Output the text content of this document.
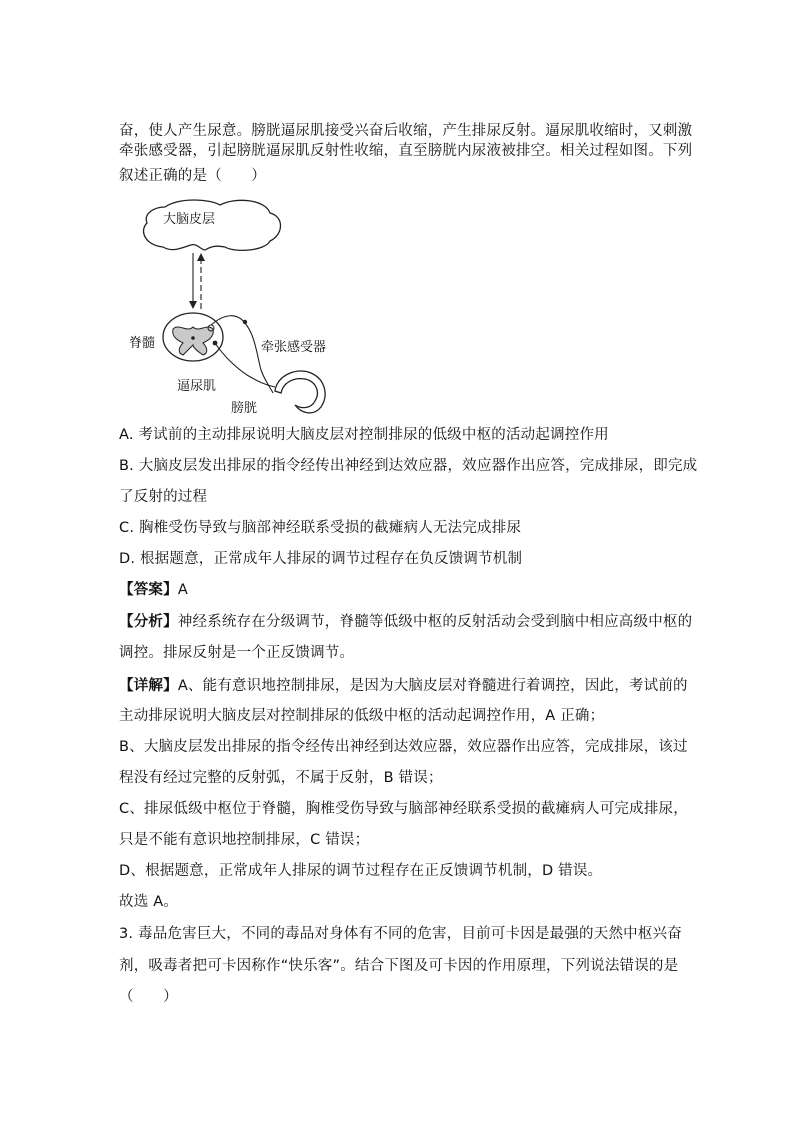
奋，使人产生尿意。膀胱逼尿肌接受兴奋后收缩，产生排尿反射。逼尿肌收缩时，又刺激
牵张感受器，引起膀胱逼尿肌反射性收缩，直至膀胱内尿液被排空。相关过程如图。下列
叙述正确的是（　　）
大脑皮层
脊髓	牵张感受器
逼尿肌
膀胱
A. 考试前的主动排尿说明大脑皮层对控制排尿的低级中枢的活动起调控作用
B. 大脑皮层发出排尿的指令经传出神经到达效应器，效应器作出应答，完成排尿，即完成
了反射的过程
C. 胸椎受伤导致与脑部神经联系受损的截瘫病人无法完成排尿
D. 根据题意，正常成年人排尿的调节过程存在负反馈调节机制
【答案】A
【分析】神经系统存在分级调节，脊髓等低级中枢的反射活动会受到脑中相应高级中枢的
调控。排尿反射是一个正反馈调节。
【详解】A、能有意识地控制排尿，是因为大脑皮层对脊髓进行着调控，因此，考试前的
主动排尿说明大脑皮层对控制排尿的低级中枢的活动起调控作用，A 正确；
B、大脑皮层发出排尿的指令经传出神经到达效应器，效应器作出应答，完成排尿，该过
程没有经过完整的反射弧，不属于反射，B 错误；
C、排尿低级中枢位于脊髓，胸椎受伤导致与脑部神经联系受损的截瘫病人可完成排尿，
只是不能有意识地控制排尿，C 错误；
D、根据题意，正常成年人排尿的调节过程存在正反馈调节机制，D 错误。
故选 A。
3. 毒品危害巨大，不同的毒品对身体有不同的危害，目前可卡因是最强的天然中枢兴奋
剂，吸毒者把可卡因称作“快乐客”。结合下图及可卡因的作用原理，下列说法错误的是
（　　）
